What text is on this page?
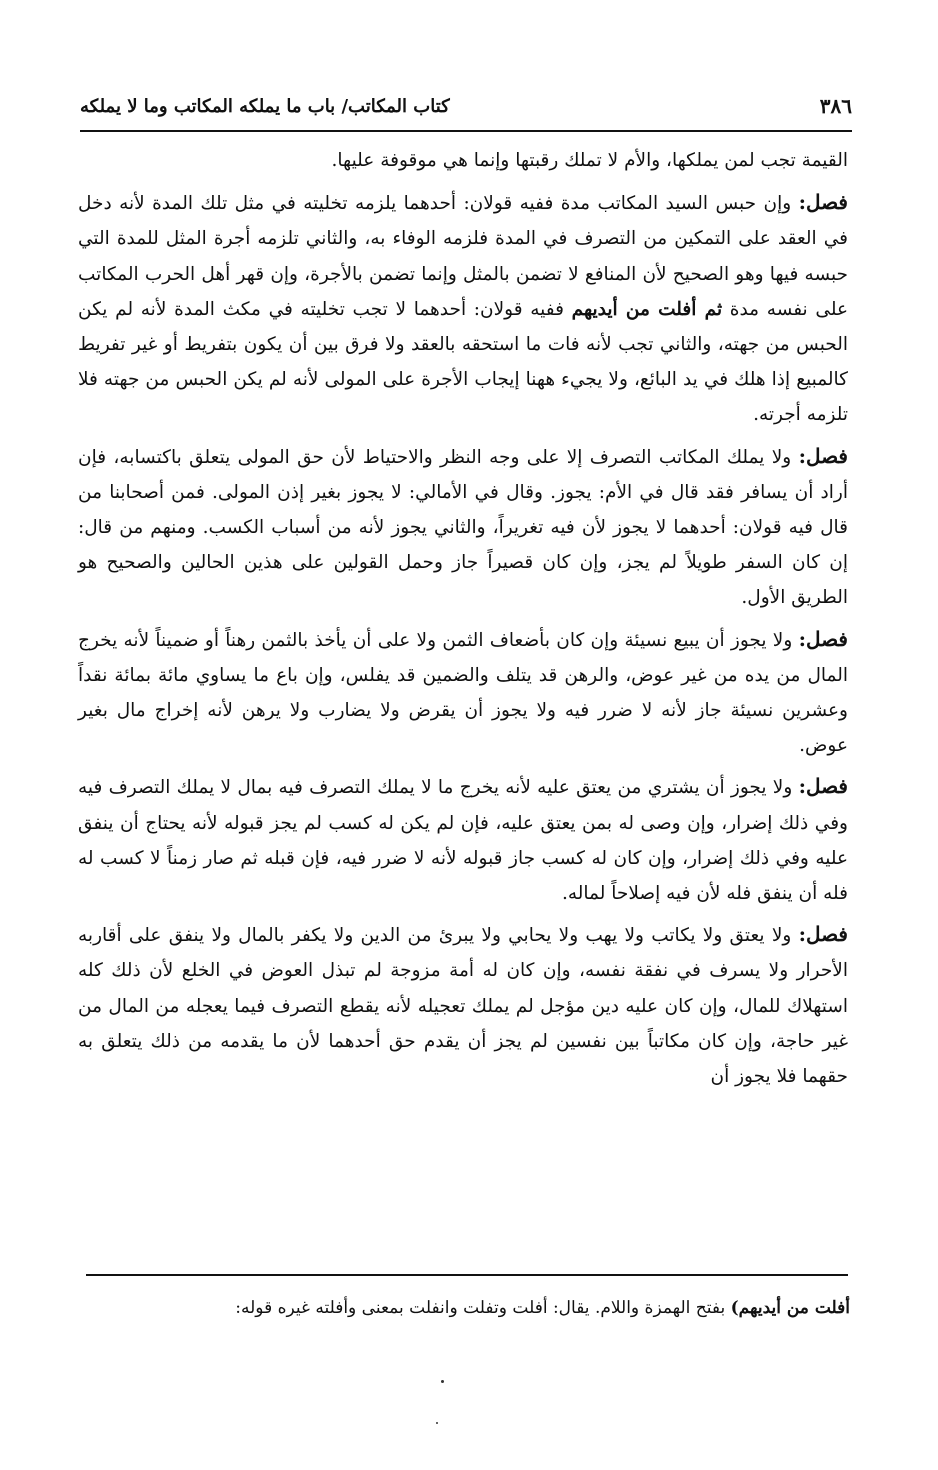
٣٨٦
كتاب المكاتب/ باب ما يملكه المكاتب وما لا يملكه

القيمة تجب لمن يملكها، والأم لا تملك رقبتها وإنما هي موقوفة عليها.

فصل: وإن حبس السيد المكاتب مدة ففيه قولان: أحدهما يلزمه تخليته في مثل تلك المدة لأنه دخل في العقد على التمكين من التصرف في المدة فلزمه الوفاء به، والثاني تلزمه أجرة المثل للمدة التي حبسه فيها وهو الصحيح لأن المنافع لا تضمن بالمثل وإنما تضمن بالأجرة، وإن قهر أهل الحرب المكاتب على نفسه مدة ثم أفلت من أيديهم ففيه قولان: أحدهما لا تجب تخليته في مكث المدة لأنه لم يكن الحبس من جهته، والثاني تجب لأنه فات ما استحقه بالعقد ولا فرق بين أن يكون بتفريط أو غير تفريط كالمبيع إذا هلك في يد البائع، ولا يجيء ههنا إيجاب الأجرة على المولى لأنه لم يكن الحبس من جهته فلا تلزمه أجرته.

فصل: ولا يملك المكاتب التصرف إلا على وجه النظر والاحتياط لأن حق المولى يتعلق باكتسابه، فإن أراد أن يسافر فقد قال في الأم: يجوز. وقال في الأمالي: لا يجوز بغير إذن المولى. فمن أصحابنا من قال فيه قولان: أحدهما لا يجوز لأن فيه تغريراً، والثاني يجوز لأنه من أسباب الكسب. ومنهم من قال: إن كان السفر طويلاً لم يجز، وإن كان قصيراً جاز وحمل القولين على هذين الحالين والصحيح هو الطريق الأول.

فصل: ولا يجوز أن يبيع نسيئة وإن كان بأضعاف الثمن ولا على أن يأخذ بالثمن رهناً أو ضميناً لأنه يخرج المال من يده من غير عوض، والرهن قد يتلف والضمين قد يفلس، وإن باع ما يساوي مائة بمائة نقداً وعشرين نسيئة جاز لأنه لا ضرر فيه ولا يجوز أن يقرض ولا يضارب ولا يرهن لأنه إخراج مال بغير عوض.

فصل: ولا يجوز أن يشتري من يعتق عليه لأنه يخرج ما لا يملك التصرف فيه بمال لا يملك التصرف فيه وفي ذلك إضرار، وإن وصى له بمن يعتق عليه، فإن لم يكن له كسب لم يجز قبوله لأنه يحتاج أن ينفق عليه وفي ذلك إضرار، وإن كان له كسب جاز قبوله لأنه لا ضرر فيه، فإن قبله ثم صار زمناً لا كسب له فله أن ينفق فله لأن فيه إصلاحاً لماله.

فصل: ولا يعتق ولا يكاتب ولا يهب ولا يحابي ولا يبرئ من الدين ولا يكفر بالمال ولا ينفق على أقاربه الأحرار ولا يسرف في نفقة نفسه، وإن كان له أمة مزوجة لم تبذل العوض في الخلع لأن ذلك كله استهلاك للمال، وإن كان عليه دين مؤجل لم يملك تعجيله لأنه يقطع التصرف فيما يعجله من المال من غير حاجة، وإن كان مكاتباً بين نفسين لم يجز أن يقدم حق أحدهما لأن ما يقدمه من ذلك يتعلق به حقهما فلا يجوز أن

أفلت من أيديهم) بفتح الهمزة واللام. يقال: أفلت وتفلت وانفلت بمعنى وأفلته غيره قوله:
